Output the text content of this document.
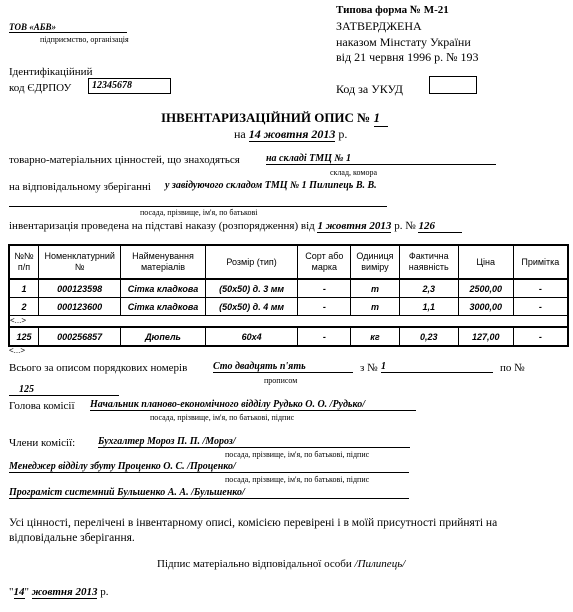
ТОВ «АБВ»
підприємство, організація
Ідентифікаційний
код ЄДРПОУ	12345678
Типова форма № М-21
ЗАТВЕРДЖЕНА
наказом Мінстату України
від 21 червня 1996 р. № 193
Код за УКУД
ІНВЕНТАРИЗАЦІЙНИЙ ОПИС № 1
на 14 жовтня 2013 р.
товарно-матеріальних цінностей, що знаходяться	на складі ТМЦ № 1
склад, комора
на відповідальному зберіганні у завідуючого складом ТМЦ № 1 Пилипець В. В.
посада, прізвище, ім'я, по батькові
інвентаризація проведена на підставі наказу (розпорядження) від 1 жовтня 2013 р. № 126
№№ п/п	Номенклатурний №	Найменування матеріалів	Розмір (тип)	Сорт або марка	Одиниця виміру	Фактична наявність	Ціна	Примітка
1	000123598	Сітка кладкова	(50х50) д. 3 мм	-	т	2,3	2500,00	-
2	000123600	Сітка кладкова	(50х50) д. 4 мм	-	т	1,1	3000,00	-
<...>								
125	000256857	Дюпель	60х4	-	кг	0,23	127,00	-
<...>
Всього за описом порядкових номерів	Сто двадцять п'ять
прописом
з № 1	по №
125
Голова комісії Начальник планово-економічного відділу Рудько О. О. /Рудько/
посада, прізвище, ім'я, по батькові, підпис
Члени комісії: Бухгалтер Мороз П. П. /Мороз/
посада, прізвище, ім'я, по батькові, підпис
Менеджер відділу збуту Проценко О. С. /Проценко/
посада, прізвище, ім'я, по батькові, підпис
Програміст системний Бульшенко А. А. /Бульшенко/
Усі цінності, перелічені в інвентарному описі, комісією перевірені і в моїй присутності прийняті на
відповідальне зберігання.
Підпис матеріально відповідальної особи /Пилипець/
"14" жовтня 2013 р.
